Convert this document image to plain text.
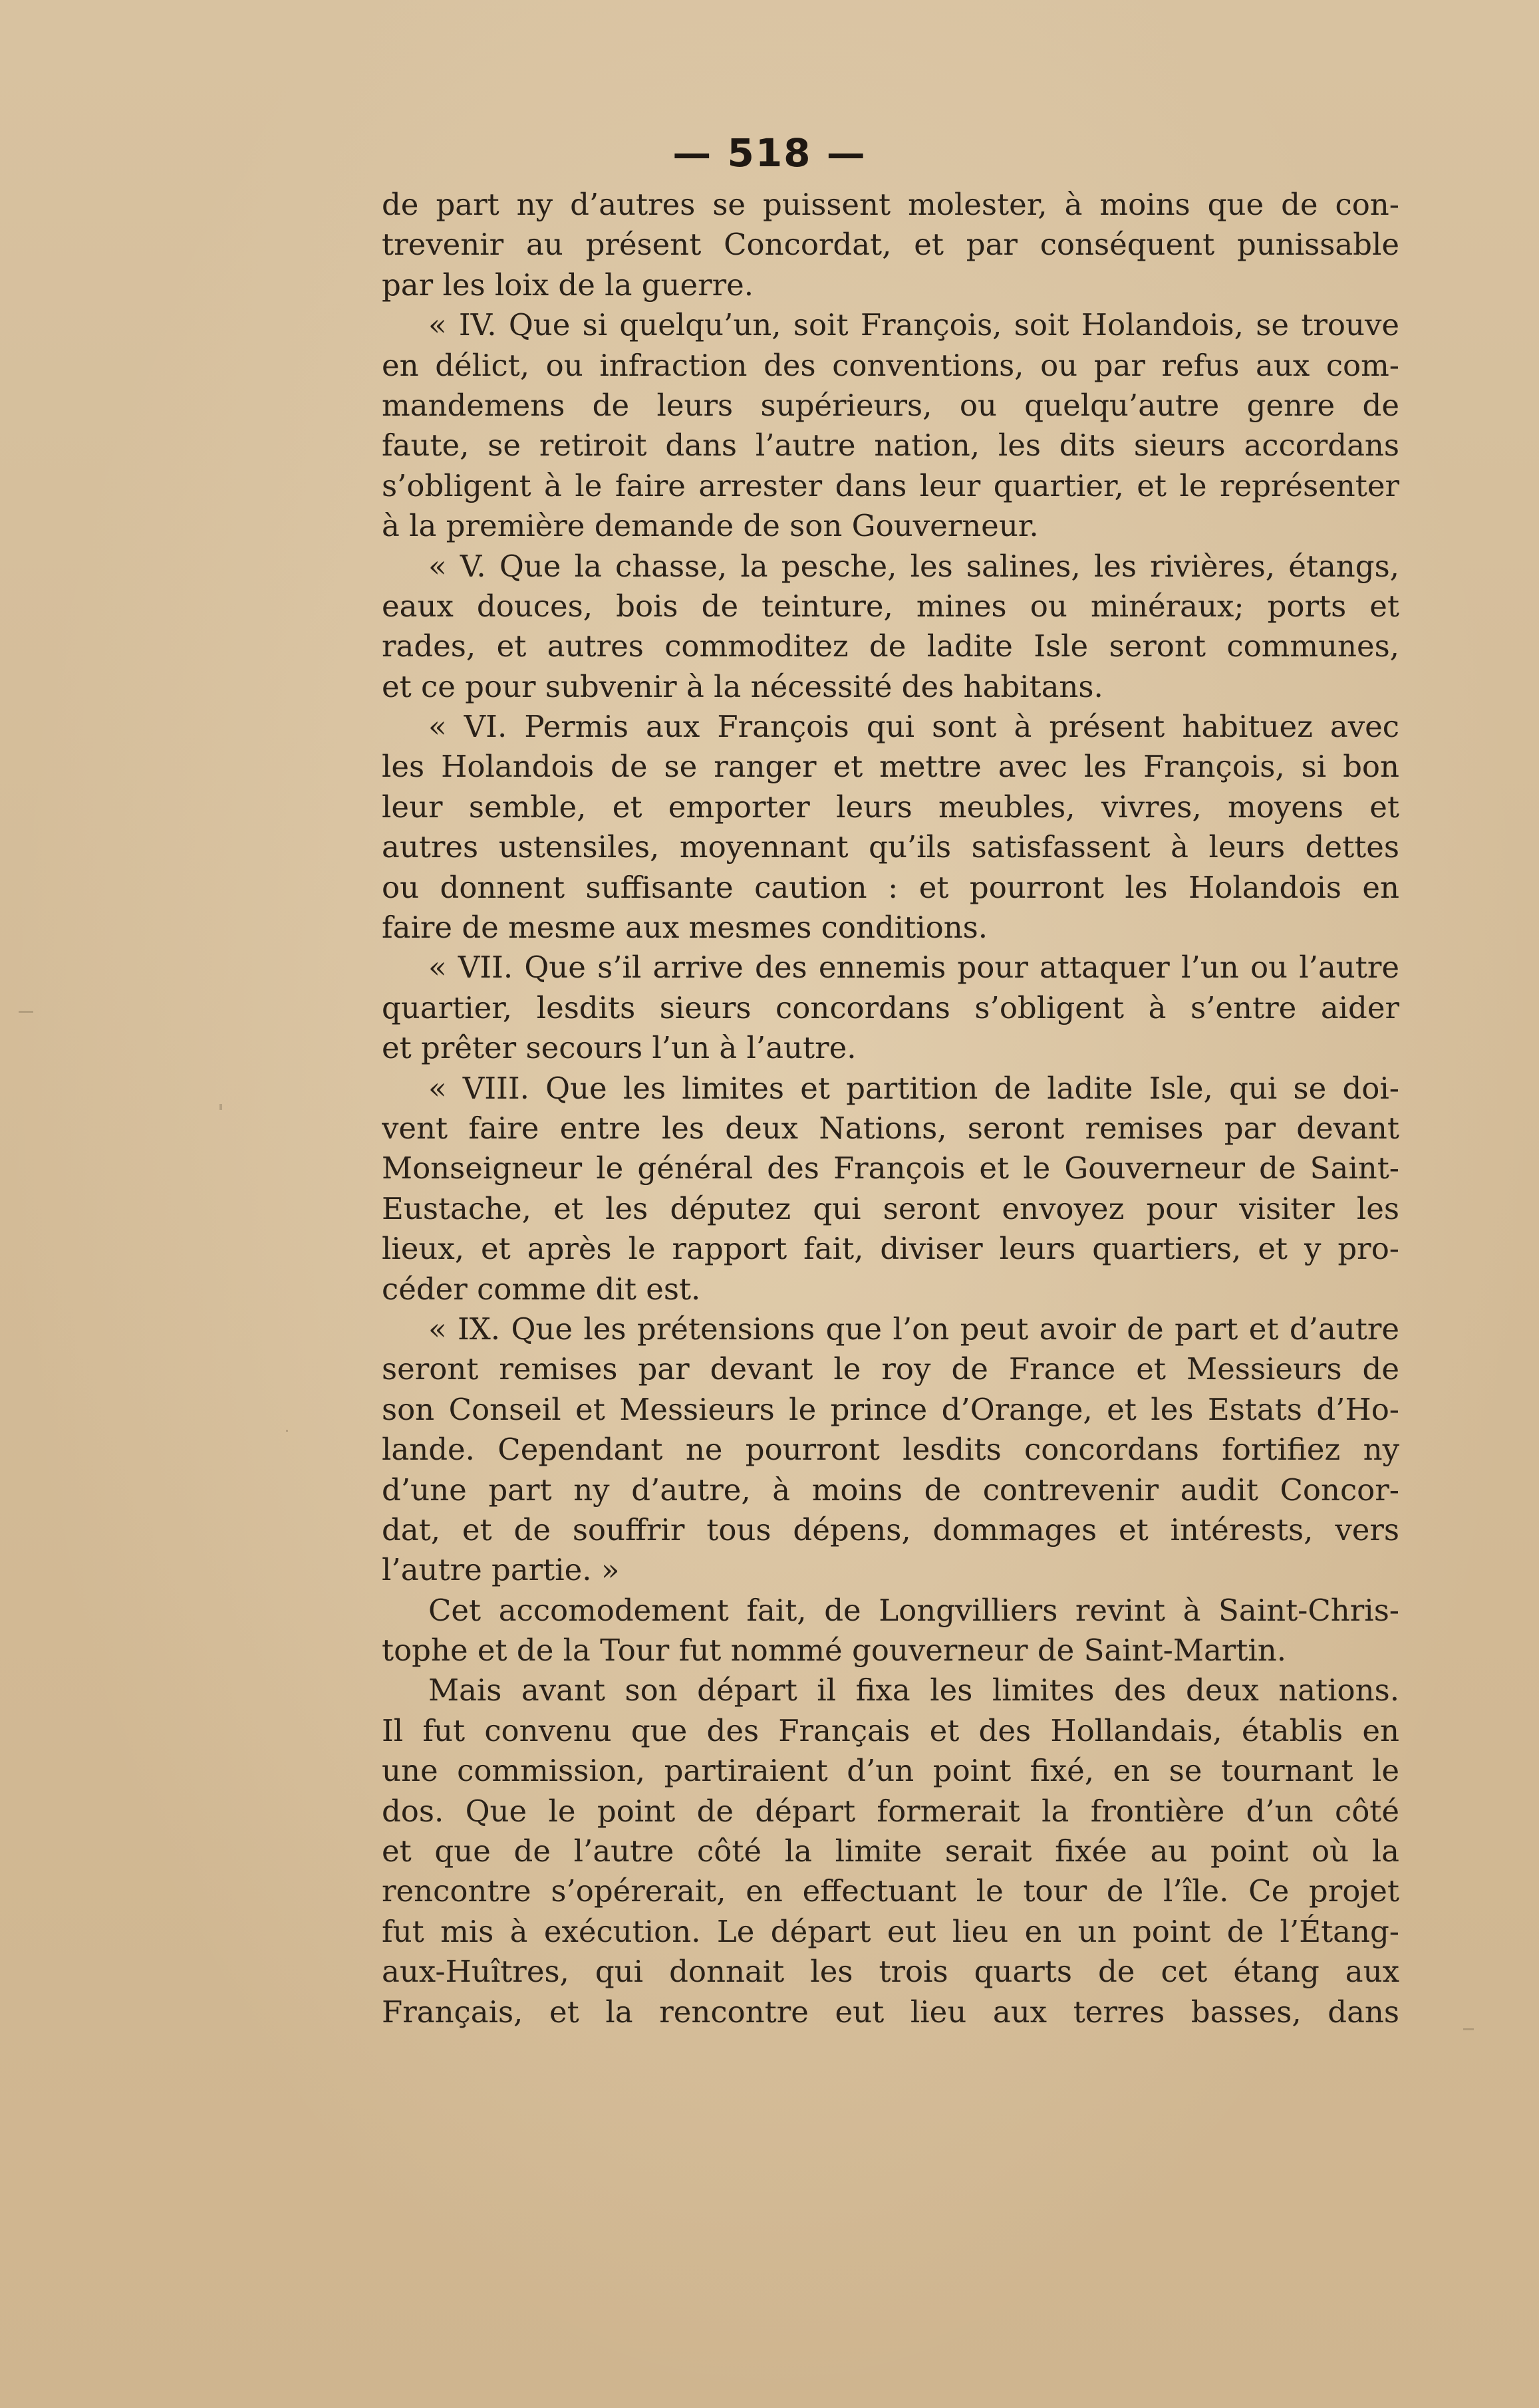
— 518 —
de part ny d’autres se puissent molester, à moins que de con-
trevenir au présent Concordat, et par conséquent punissable
par les loix de la guerre.
« IV. Que si quelqu’un, soit François, soit Holandois, se trouve
en délict, ou infraction des conventions, ou par refus aux com-
mandemens de leurs supérieurs, ou quelqu’autre genre de
faute, se retiroit dans l’autre nation, les dits sieurs accordans
s’obligent à le faire arrester dans leur quartier, et le représenter
à la première demande de son Gouverneur.
« V. Que la chasse, la pesche, les salines, les rivières, étangs,
eaux douces, bois de teinture, mines ou minéraux; ports et
rades, et autres commoditez de ladite Isle seront communes,
et ce pour subvenir à la nécessité des habitans.
« VI. Permis aux François qui sont à présent habituez avec
les Holandois de se ranger et mettre avec les François, si bon
leur semble, et emporter leurs meubles, vivres, moyens et
autres ustensiles, moyennant qu’ils satisfassent à leurs dettes
ou donnent suffisante caution : et pourront les Holandois en
faire de mesme aux mesmes conditions.
« VII. Que s’il arrive des ennemis pour attaquer l’un ou l’autre
quartier, lesdits sieurs concordans s’obligent à s’entre aider
et prêter secours l’un à l’autre.
« VIII. Que les limites et partition de ladite Isle, qui se doi-
vent faire entre les deux Nations, seront remises par devant
Monseigneur le général des François et le Gouverneur de Saint-
Eustache, et les députez qui seront envoyez pour visiter les
lieux, et après le rapport fait, diviser leurs quartiers, et y pro-
céder comme dit est.
« IX. Que les prétensions que l’on peut avoir de part et d’autre
seront remises par devant le roy de France et Messieurs de
son Conseil et Messieurs le prince d’Orange, et les Estats d’Ho-
lande. Cependant ne pourront lesdits concordans fortifiez ny
d’une part ny d’autre, à moins de contrevenir audit Concor-
dat, et de souffrir tous dépens, dommages et intérests, vers
l’autre partie. »
Cet accomodement fait, de Longvilliers revint à Saint-Chris-
tophe et de la Tour fut nommé gouverneur de Saint-Martin.
Mais avant son départ il fixa les limites des deux nations.
Il fut convenu que des Français et des Hollandais, établis en
une commission, partiraient d’un point fixé, en se tournant le
dos. Que le point de départ formerait la frontière d’un côté
et que de l’autre côté la limite serait fixée au point où la
rencontre s’opérerait, en effectuant le tour de l’île. Ce projet
fut mis à exécution. Le départ eut lieu en un point de l’Étang-
aux-Huîtres, qui donnait les trois quarts de cet étang aux
Français, et la rencontre eut lieu aux terres basses, dans
